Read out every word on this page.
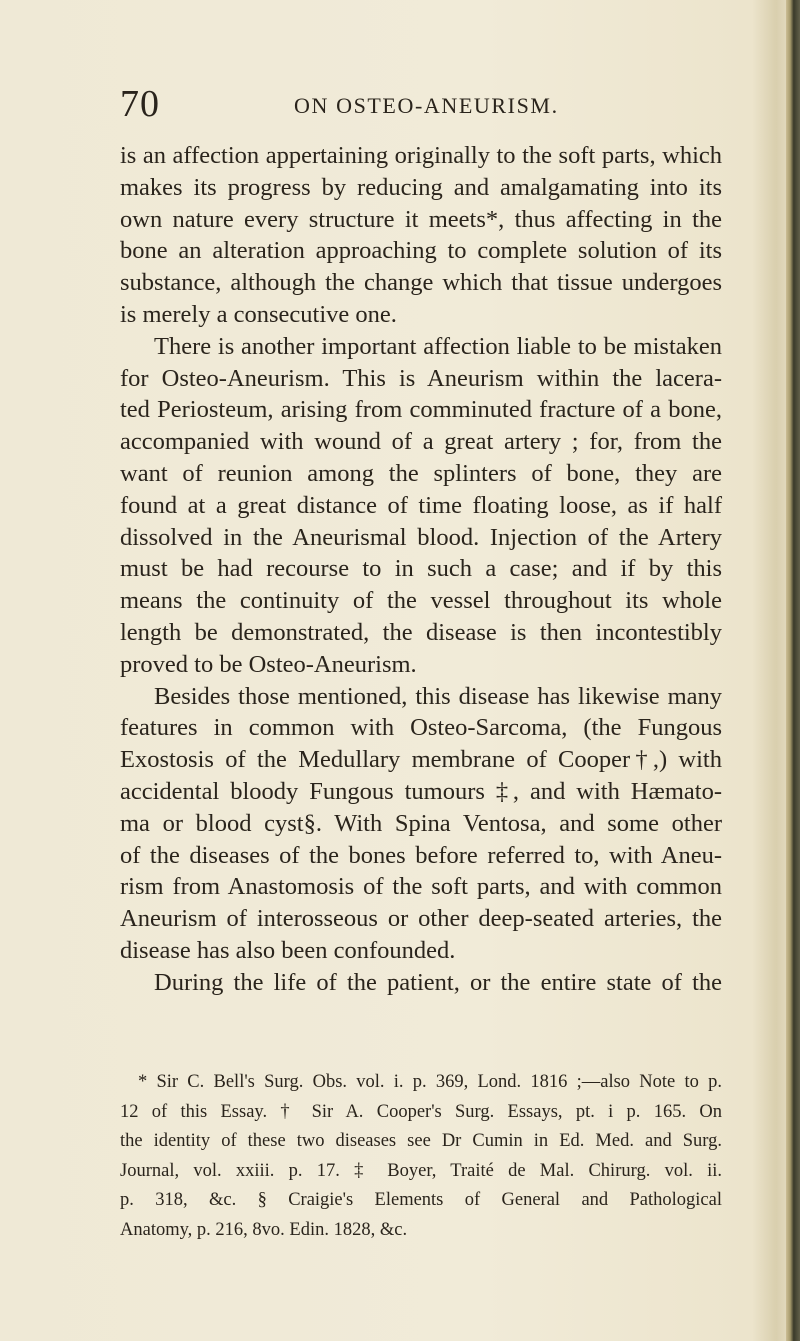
70	ON OSTEO-ANEURISM.

is an affection appertaining originally to the soft parts, which

makes its progress by reducing and amalgamating into its

own nature every structure it meets*, thus affecting in the

bone an alteration approaching to complete solution of its

substance, although the change which that tissue undergoes

is merely a consecutive one.

There is another important affection liable to be mistaken

for Osteo-Aneurism. This is Aneurism within the lacera-

ted Periosteum, arising from comminuted fracture of a bone,

accompanied with wound of a great artery ; for, from the

want of reunion among the splinters of bone, they are

found at a great distance of time floating loose, as if half

dissolved in the Aneurismal blood. Injection of the Artery

must be had recourse to in such a case; and if by this

means the continuity of the vessel throughout its whole

length be demonstrated, the disease is then incontestibly

proved to be Osteo-Aneurism.

Besides those mentioned, this disease has likewise many

features in common with Osteo-Sarcoma, (the Fungous

Exostosis of the Medullary membrane of Cooper†,) with

accidental bloody Fungous tumours ‡, and with Hæmato-

ma or blood cyst§. With Spina Ventosa, and some other

of the diseases of the bones before referred to, with Aneu-

rism from Anastomosis of the soft parts, and with common

Aneurism of interosseous or other deep-seated arteries, the

disease has also been confounded.

During the life of the patient, or the entire state of the

* Sir C. Bell's Surg. Obs. vol. i. p. 369, Lond. 1816 ;—also Note to p.

12 of this Essay. † Sir A. Cooper's Surg. Essays, pt. i p. 165. On

the identity of these two diseases see Dr Cumin in Ed. Med. and Surg.

Journal, vol. xxiii. p. 17. ‡ Boyer, Traité de Mal. Chirurg. vol. ii.

p. 318, &c. § Craigie's Elements of General and Pathological

Anatomy, p. 216, 8vo. Edin. 1828, &c.
